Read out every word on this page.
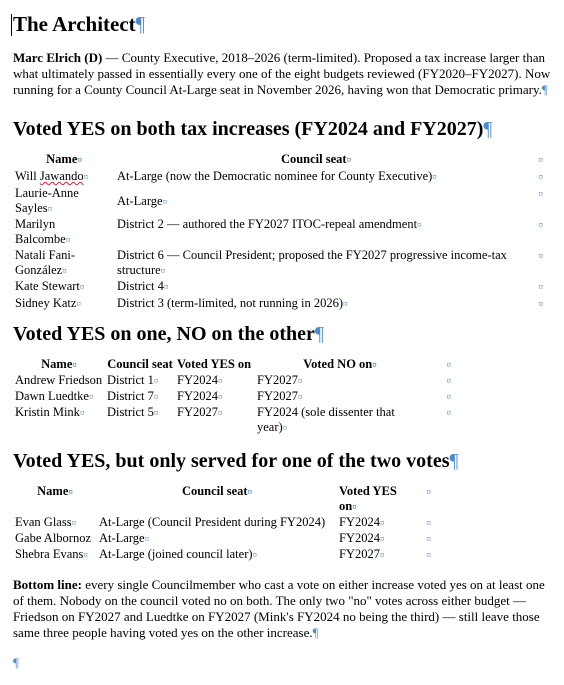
The Architect¶

Marc Elrich (D) — County Executive, 2018–2026 (term-limited). Proposed a tax increase larger than what ultimately passed in essentially every one of the eight budgets reviewed (FY2020–FY2027). Now running for a County Council At-Large seat in November 2026, having won that Democratic primary.¶

Voted YES on both tax increases (FY2024 and FY2027)¶
Name¤	Council seat¤	¤
Will Jawando¤	At-Large (now the Democratic nominee for County Executive)¤	¤
Laurie-Anne Sayles¤	At-Large¤	¤
Marilyn Balcombe¤	District 2 — authored the FY2027 ITOC-repeal amendment¤	¤
Natali Fani-González¤	District 6 — Council President; proposed the FY2027 progressive income-tax structure¤	¤
Kate Stewart¤	District 4¤	¤
Sidney Katz¤	District 3 (term-limited, not running in 2026)¤	¤
Voted YES on one, NO on the other¶
Name¤	Council seat	Voted YES on	Voted NO on¤	¤
Andrew Friedson	District 1¤	FY2024¤	FY2027¤	¤
Dawn Luedtke¤	District 7¤	FY2024¤	FY2027¤	¤
Kristin Mink¤	District 5¤	FY2027¤	FY2024 (sole dissenter that year)¤	¤
Voted YES, but only served for one of the two votes¶
Name¤	Council seat¤	Voted YES on¤	¤
Evan Glass¤	At-Large (Council President during FY2024)	FY2024¤	¤
Gabe Albornoz	At-Large¤	FY2024¤	¤
Shebra Evans¤	At-Large (joined council later)¤	FY2027¤	¤

Bottom line: every single Councilmember who cast a vote on either increase voted yes on at least one of them. Nobody on the council voted no on both. The only two "no" votes across either budget — Friedson on FY2027 and Luedtke on FY2027 (Mink's FY2024 no being the third) — still leave those same three people having voted yes on the other increase.¶

¶
